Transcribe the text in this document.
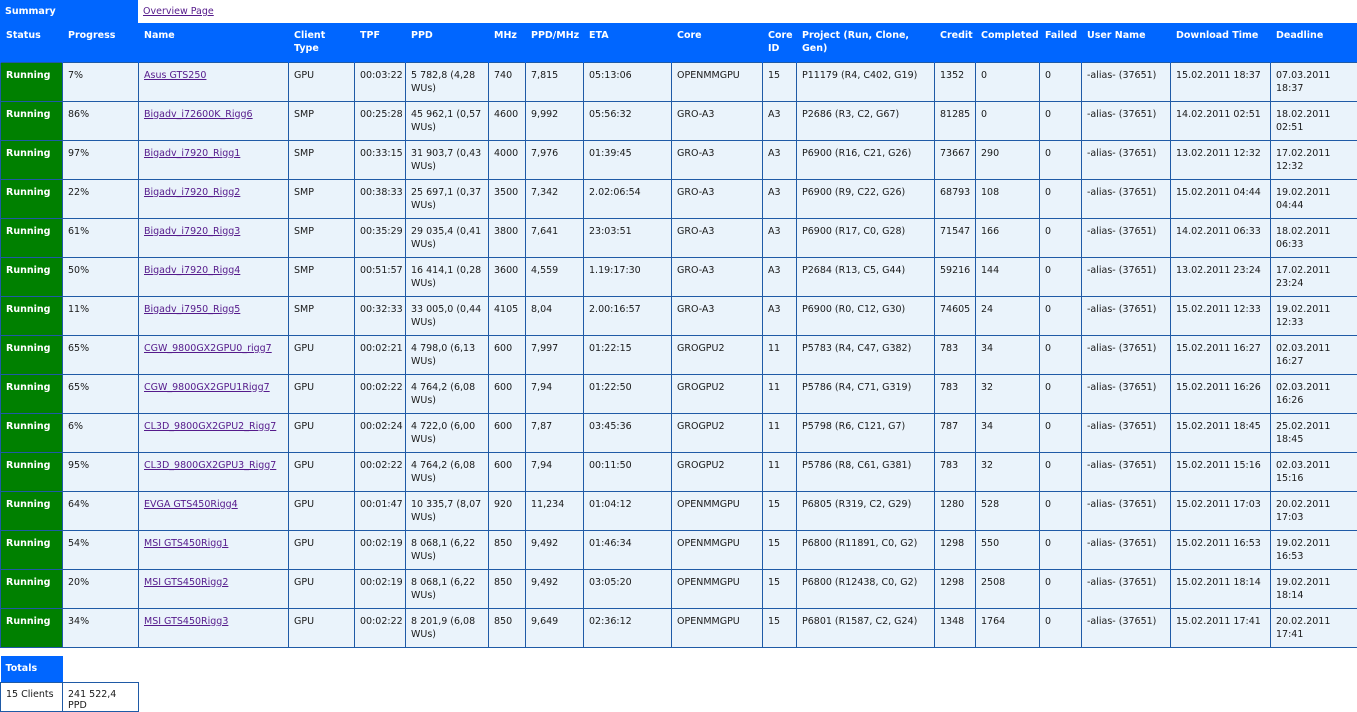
Summary	Overview Page
Status	Progress	Name	Client Type	TPF	PPD	MHz	PPD/MHz	ETA	Core	Core ID	Project (Run, Clone, Gen)	Credit	Completed	Failed	User Name	Download Time	Deadline
Running	7%	Asus GTS250	GPU	00:03:22	5 782,8 (4,28 WUs)	740	7,815	05:13:06	OPENMMGPU	15	P11179 (R4, C402, G19)	1352	0	0	-alias- (37651)	15.02.2011 18:37	07.03.2011 18:37
Running	86%	Bigadv_i72600K_Rigg6	SMP	00:25:28	45 962,1 (0,57 WUs)	4600	9,992	05:56:32	GRO-A3	A3	P2686 (R3, C2, G67)	81285	0	0	-alias- (37651)	14.02.2011 02:51	18.02.2011 02:51
Running	97%	Bigadv_i7920_Rigg1	SMP	00:33:15	31 903,7 (0,43 WUs)	4000	7,976	01:39:45	GRO-A3	A3	P6900 (R16, C21, G26)	73667	290	0	-alias- (37651)	13.02.2011 12:32	17.02.2011 12:32
Running	22%	Bigadv_i7920_Rigg2	SMP	00:38:33	25 697,1 (0,37 WUs)	3500	7,342	2.02:06:54	GRO-A3	A3	P6900 (R9, C22, G26)	68793	108	0	-alias- (37651)	15.02.2011 04:44	19.02.2011 04:44
Running	61%	Bigadv_i7920_Rigg3	SMP	00:35:29	29 035,4 (0,41 WUs)	3800	7,641	23:03:51	GRO-A3	A3	P6900 (R17, C0, G28)	71547	166	0	-alias- (37651)	14.02.2011 06:33	18.02.2011 06:33
Running	50%	Bigadv_i7920_Rigg4	SMP	00:51:57	16 414,1 (0,28 WUs)	3600	4,559	1.19:17:30	GRO-A3	A3	P2684 (R13, C5, G44)	59216	144	0	-alias- (37651)	13.02.2011 23:24	17.02.2011 23:24
Running	11%	Bigadv_i7950_Rigg5	SMP	00:32:33	33 005,0 (0,44 WUs)	4105	8,04	2.00:16:57	GRO-A3	A3	P6900 (R0, C12, G30)	74605	24	0	-alias- (37651)	15.02.2011 12:33	19.02.2011 12:33
Running	65%	CGW_9800GX2GPU0_rigg7	GPU	00:02:21	4 798,0 (6,13 WUs)	600	7,997	01:22:15	GROGPU2	11	P5783 (R4, C47, G382)	783	34	0	-alias- (37651)	15.02.2011 16:27	02.03.2011 16:27
Running	65%	CGW_9800GX2GPU1Rigg7	GPU	00:02:22	4 764,2 (6,08 WUs)	600	7,94	01:22:50	GROGPU2	11	P5786 (R4, C71, G319)	783	32	0	-alias- (37651)	15.02.2011 16:26	02.03.2011 16:26
Running	6%	CL3D_9800GX2GPU2_Rigg7	GPU	00:02:24	4 722,0 (6,00 WUs)	600	7,87	03:45:36	GROGPU2	11	P5798 (R6, C121, G7)	787	34	0	-alias- (37651)	15.02.2011 18:45	25.02.2011 18:45
Running	95%	CL3D_9800GX2GPU3_Rigg7	GPU	00:02:22	4 764,2 (6,08 WUs)	600	7,94	00:11:50	GROGPU2	11	P5786 (R8, C61, G381)	783	32	0	-alias- (37651)	15.02.2011 15:16	02.03.2011 15:16
Running	64%	EVGA GTS450Rigg4	GPU	00:01:47	10 335,7 (8,07 WUs)	920	11,234	01:04:12	OPENMMGPU	15	P6805 (R319, C2, G29)	1280	528	0	-alias- (37651)	15.02.2011 17:03	20.02.2011 17:03
Running	54%	MSI GTS450Rigg1	GPU	00:02:19	8 068,1 (6,22 WUs)	850	9,492	01:46:34	OPENMMGPU	15	P6800 (R11891, C0, G2)	1298	550	0	-alias- (37651)	15.02.2011 16:53	19.02.2011 16:53
Running	20%	MSI GTS450Rigg2	GPU	00:02:19	8 068,1 (6,22 WUs)	850	9,492	03:05:20	OPENMMGPU	15	P6800 (R12438, C0, G2)	1298	2508	0	-alias- (37651)	15.02.2011 18:14	19.02.2011 18:14
Running	34%	MSI GTS450Rigg3	GPU	00:02:22	8 201,9 (6,08 WUs)	850	9,649	02:36:12	OPENMMGPU	15	P6801 (R1587, C2, G24)	1348	1764	0	-alias- (37651)	15.02.2011 17:41	20.02.2011 17:41
Totals	
15 Clients	241 522,4 PPD
